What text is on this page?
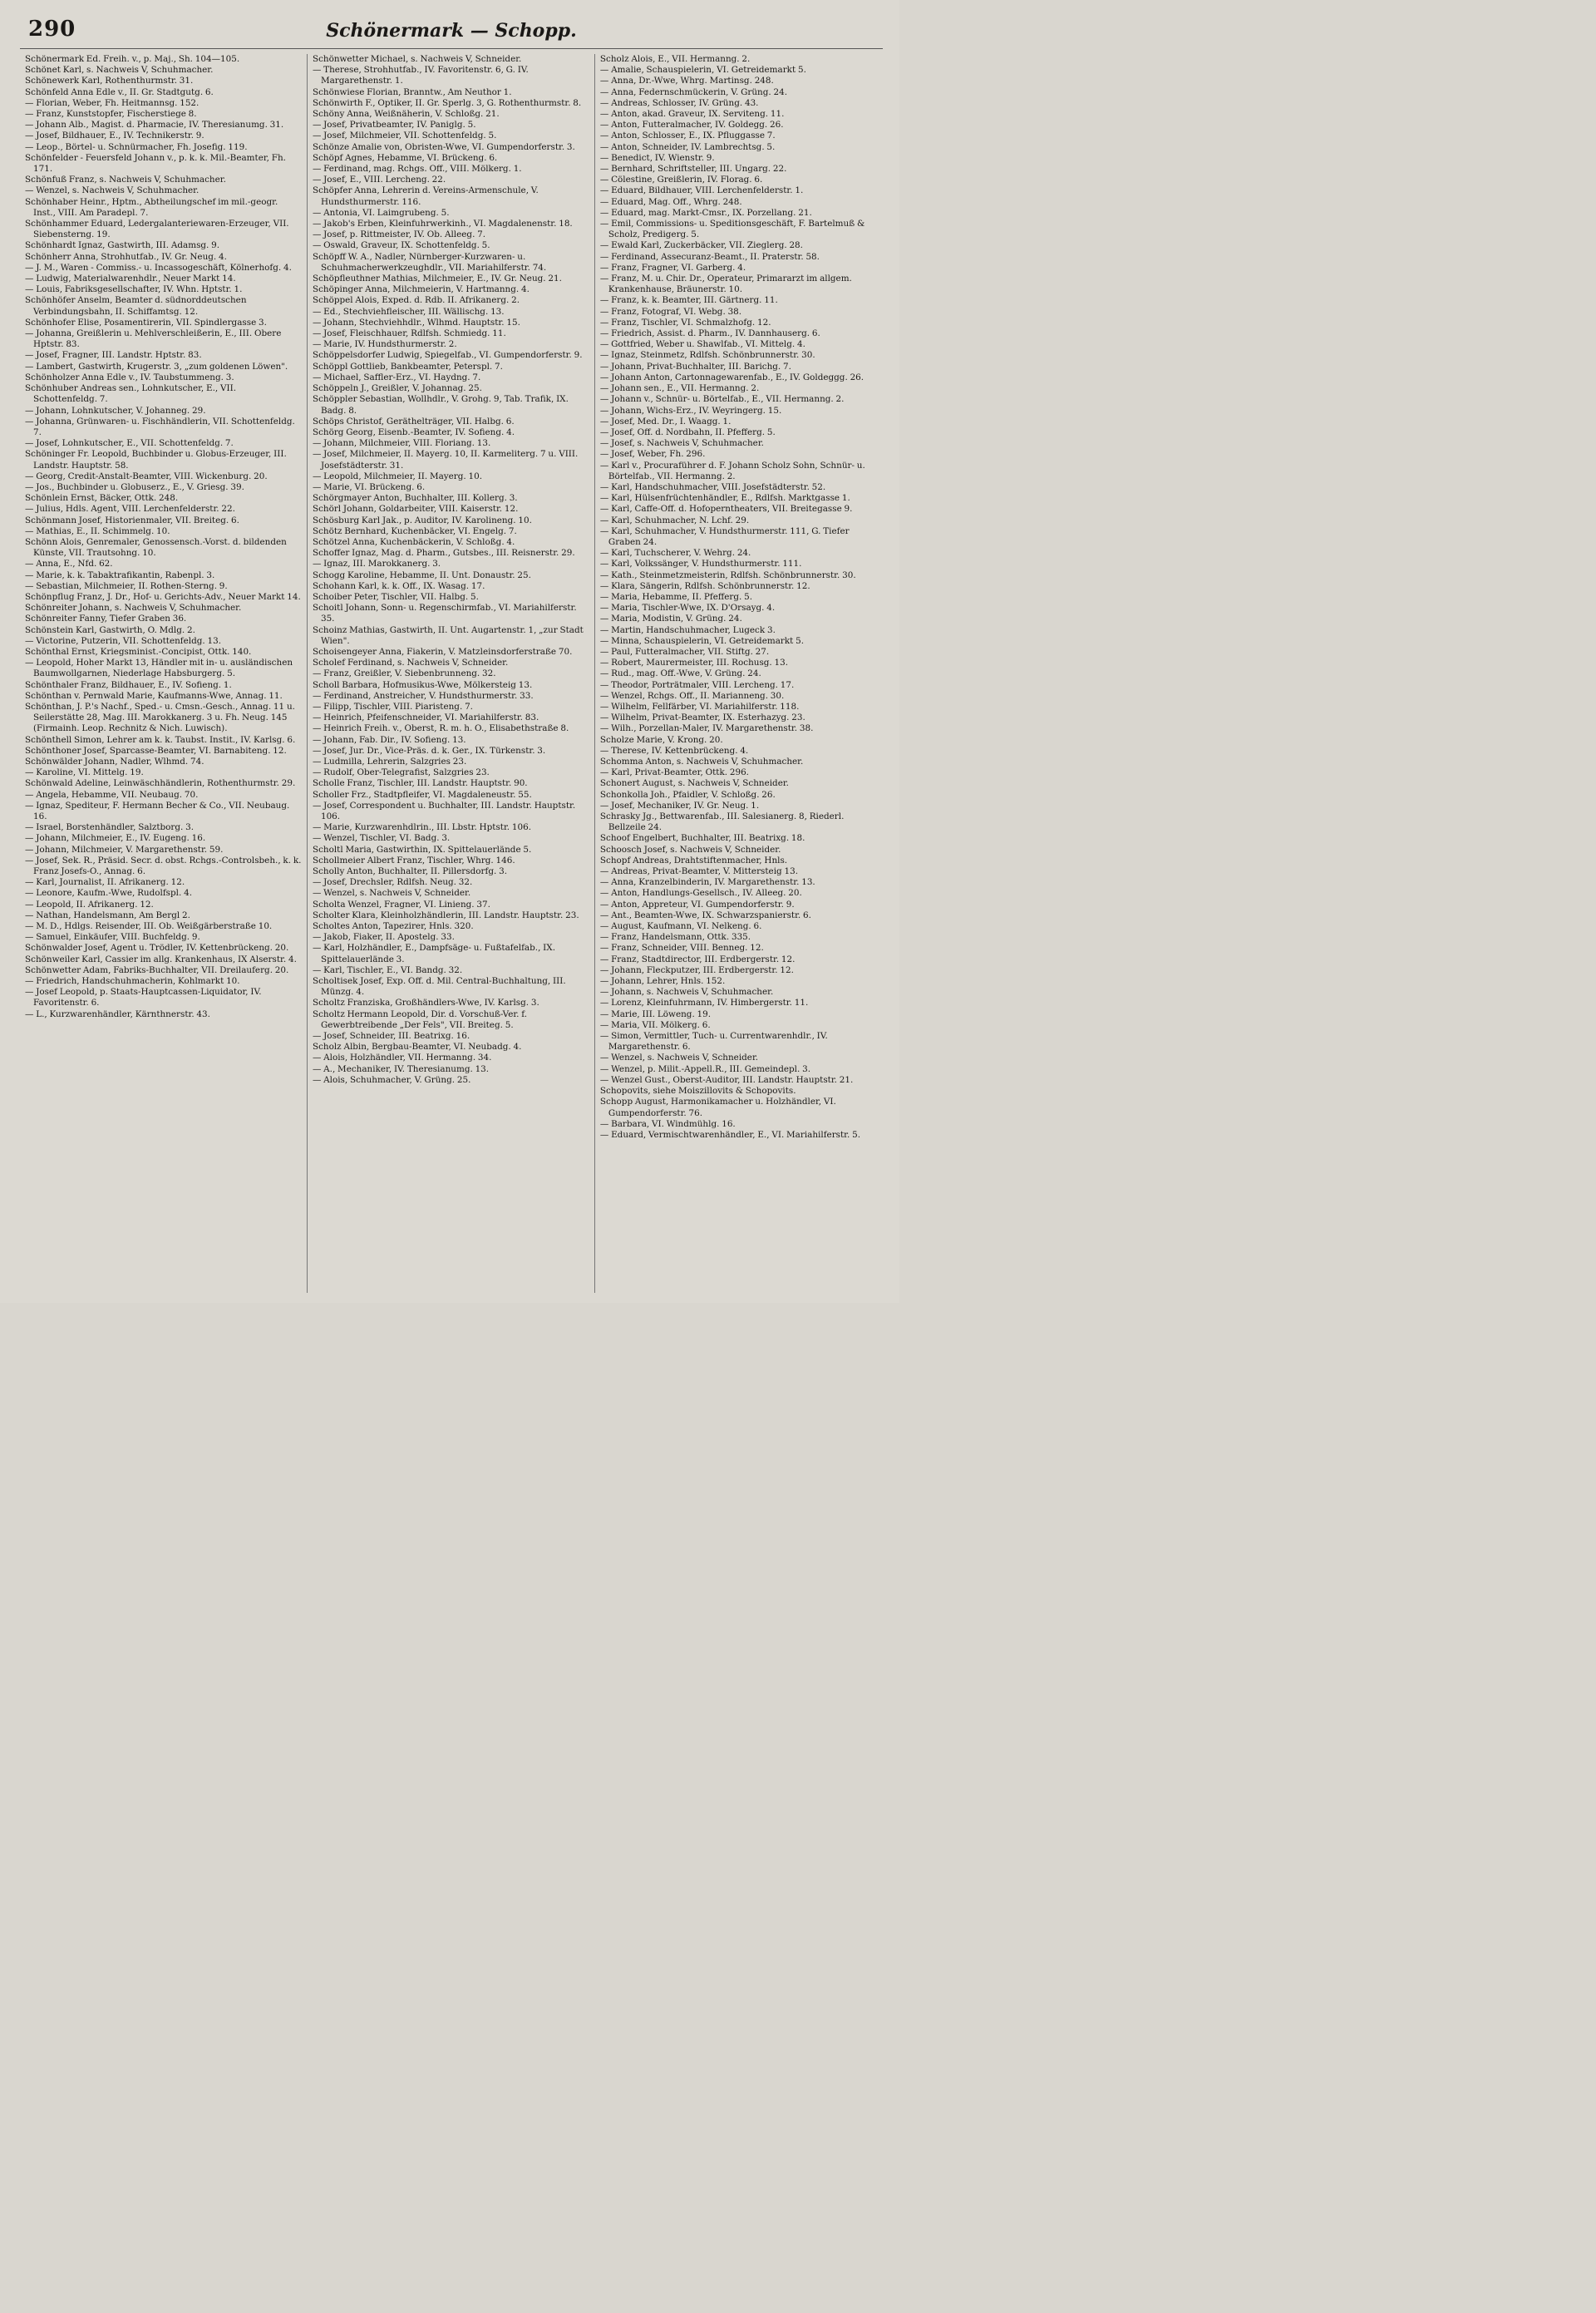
290	Schönermark — Schopp.
Schönermark Ed. Freih. v., p. Maj., Sh. 104—105.
Schönet Karl, s. Nachweis V, Schuhmacher.
Schönewerk Karl, Rothenthurmstr. 31.
Schönfeld Anna Edle v., II. Gr. Stadtgutg. 6.
— Florian, Weber, Fh. Heitmannsg. 152.
— Franz, Kunststopfer, Fischerstiege 8.
— Johann Alb., Magist. d. Pharmacie, IV. Theresianumg. 31.
— Josef, Bildhauer, E., IV. Technikerstr. 9.
— Leop., Börtel- u. Schnürmacher, Fh. Josefig. 119.
Schönfelder - Feuersfeld Johann v., p. k. k. Mil.-Beamter, Fh. 171.
Schönfuß Franz, s. Nachweis V, Schuhmacher.
— Wenzel, s. Nachweis V, Schuhmacher.
Schönhaber Heinr., Hptm., Abtheilungschef im mil.-geogr. Inst., VIII. Am Paradepl. 7.
Schönhammer Eduard, Ledergalanteriewaren-Erzeuger, VII. Siebensterng. 19.
Schönhardt Ignaz, Gastwirth, III. Adamsg. 9.
Schönherr Anna, Strohhutfab., IV. Gr. Neug. 4.
— J. M., Waren - Commiss.- u. Incassogeschäft, Kölnerhofg. 4.
— Ludwig, Materialwarenhdlr., Neuer Markt 14.
— Louis, Fabriksgesellschafter, IV. Whn. Hptstr. 1.
Schönhöfer Anselm, Beamter d. südnorddeutschen Verbindungsbahn, II. Schiffamtsg. 12.
Schönhofer Elise, Posamentirerin, VII. Spindlergasse 3.
— Johanna, Greißlerin u. Mehlverschleißerin, E., III. Obere Hptstr. 83.
— Josef, Fragner, III. Landstr. Hptstr. 83.
— Lambert, Gastwirth, Krugerstr. 3, „zum goldenen Löwen".
Schönholzer Anna Edle v., IV. Taubstummeng. 3.
Schönhuber Andreas sen., Lohnkutscher, E., VII. Schottenfeldg. 7.
— Johann, Lohnkutscher, V. Johanneg. 29.
— Johanna, Grünwaren- u. Fischhändlerin, VII. Schottenfeldg. 7.
— Josef, Lohnkutscher, E., VII. Schottenfeldg. 7.
Schöninger Fr. Leopold, Buchbinder u. Globus-Erzeuger, III. Landstr. Hauptstr. 58.
— Georg, Credit-Anstalt-Beamter, VIII. Wickenburg. 20.
— Jos., Buchbinder u. Globuserz., E., V. Griesg. 39.
Schönlein Ernst, Bäcker, Ottk. 248.
— Julius, Hdls. Agent, VIII. Lerchenfelderstr. 22.
Schönmann Josef, Historienmaler, VII. Breiteg. 6.
— Mathias, E., II. Schimmelg. 10.
Schönn Alois, Genremaler, Genossensch.-Vorst. d. bildenden Künste, VII. Trautsohng. 10.
— Anna, E., Nfd. 62.
— Marie, k. k. Tabaktrafikantin, Rabenpl. 3.
— Sebastian, Milchmeier, II. Rothen-Sterng. 9.
Schönpflug Franz, J. Dr., Hof- u. Gerichts-Adv., Neuer Markt 14.
Schönreiter Johann, s. Nachweis V, Schuhmacher.
Schönreiter Fanny, Tiefer Graben 36.
Schönstein Karl, Gastwirth, O. Mdlg. 2.
— Victorine, Putzerin, VII. Schottenfeldg. 13.
Schönthal Ernst, Kriegsminist.-Concipist, Ottk. 140.
— Leopold, Hoher Markt 13, Händler mit in- u. ausländischen Baumwollgarnen, Niederlage Habsburgerg. 5.
Schönthaler Franz, Bildhauer, E., IV. Sofieng. 1.
Schönthan v. Pernwald Marie, Kaufmanns-Wwe, Annag. 11.
Schönthan, J. P.'s Nachf., Sped.- u. Cmsn.-Gesch., Annag. 11 u. Seilerstätte 28, Mag. III. Marokkanerg. 3 u. Fh. Neug. 145 (Firmainh. Leop. Rechnitz & Nich. Luwisch).
Schönthell Simon, Lehrer am k. k. Taubst. Instit., IV. Karlsg. 6.
Schönthoner Josef, Sparcasse-Beamter, VI. Barnabiteng. 12.
Schönwälder Johann, Nadler, Wlhmd. 74.
— Karoline, VI. Mittelg. 19.
Schönwald Adeline, Leinwäschhändlerin, Rothenthurmstr. 29.
— Angela, Hebamme, VII. Neubaug. 70.
— Ignaz, Spediteur, F. Hermann Becher & Co., VII. Neubaug. 16.
— Israel, Borstenhändler, Salztborg. 3.
— Johann, Milchmeier, E., IV. Eugeng. 16.
— Johann, Milchmeier, V. Margarethenstr. 59.
— Josef, Sek. R., Präsid. Secr. d. obst. Rchgs.-Controlsbeh., k. k. Franz Josefs-O., Annag. 6.
— Karl, Journalist, II. Afrikanerg. 12.
— Leonore, Kaufm.-Wwe, Rudolfspl. 4.
— Leopold, II. Afrikanerg. 12.
— Nathan, Handelsmann, Am Bergl 2.
— M. D., Hdlgs. Reisender, III. Ob. Weißgärberstraße 10.
— Samuel, Einkäufer, VIII. Buchfeldg. 9.
Schönwalder Josef, Agent u. Trödler, IV. Kettenbrückeng. 20.
Schönweiler Karl, Cassier im allg. Krankenhaus, IX Alserstr. 4.
Schönwetter Adam, Fabriks-Buchhalter, VII. Dreilauferg. 20.
— Friedrich, Handschuhmacherin, Kohlmarkt 10.
— Josef Leopold, p. Staats-Hauptcassen-Liquidator, IV. Favoritenstr. 6.
— L., Kurzwarenhändler, Kärnthnerstr. 43.
Schönwetter Michael, s. Nachweis V, Schneider.
— Therese, Strohhutfab., IV. Favoritenstr. 6, G. IV. Margarethenstr. 1.
Schönwiese Florian, Branntw., Am Neuthor 1.
Schönwirth F., Optiker, II. Gr. Sperlg. 3, G. Rothenthurmstr. 8.
Schöny Anna, Weißnäherin, V. Schloßg. 21.
— Josef, Privatbeamter, IV. Paniglg. 5.
— Josef, Milchmeier, VII. Schottenfeldg. 5.
Schönze Amalie von, Obristen-Wwe, VI. Gumpendorferstr. 3.
Schöpf Agnes, Hebamme, VI. Brückeng. 6.
— Ferdinand, mag. Rchgs. Off., VIII. Mölkerg. 1.
— Josef, E., VIII. Lercheng. 22.
Schöpfer Anna, Lehrerin d. Vereins-Armenschule, V. Hundsthurmerstr. 116.
— Antonia, VI. Laimgrubeng. 5.
— Jakob's Erben, Kleinfuhrwerkinh., VI. Magdalenenstr. 18.
— Josef, p. Rittmeister, IV. Ob. Alleeg. 7.
— Oswald, Graveur, IX. Schottenfeldg. 5.
Schöpff W. A., Nadler, Nürnberger-Kurzwaren- u. Schuhmacherwerkzeughdlr., VII. Mariahilferstr. 74.
Schöpfleuthner Mathias, Milchmeier, E., IV. Gr. Neug. 21.
Schöpinger Anna, Milchmeierin, V. Hartmanng. 4.
Schöppel Alois, Exped. d. Rdb. II. Afrikanerg. 2.
— Ed., Stechviehfleischer, III. Wällischg. 13.
— Johann, Stechviehhdlr., Wlhmd. Hauptstr. 15.
— Josef, Fleischhauer, Rdlfsh. Schmiedg. 11.
— Marie, IV. Hundsthurmerstr. 2.
Schöppelsdorfer Ludwig, Spiegelfab., VI. Gumpendorferstr. 9.
Schöppl Gottlieb, Bankbeamter, Peterspl. 7.
— Michael, Saffler-Erz., VI. Haydng. 7.
Schöppeln J., Greißler, V. Johannag. 25.
Schöppler Sebastian, Wollhdlr., V. Grohg. 9, Tab. Trafik, IX. Badg. 8.
Schöps Christof, Geräthelträger, VII. Halbg. 6.
Schörg Georg, Eisenb.-Beamter, IV. Sofieng. 4.
— Johann, Milchmeier, VIII. Floriang. 13.
— Josef, Milchmeier, II. Mayerg. 10, II. Karmeliterg. 7 u. VIII. Josefstädterstr. 31.
— Leopold, Milchmeier, II. Mayerg. 10.
— Marie, VI. Brückeng. 6.
Schörgmayer Anton, Buchhalter, III. Kollerg. 3.
Schörl Johann, Goldarbeiter, VIII. Kaiserstr. 12.
Schösburg Karl Jak., p. Auditor, IV. Karolineng. 10.
Schötz Bernhard, Kuchenbäcker, VI. Engelg. 7.
Schötzel Anna, Kuchenbäckerin, V. Schloßg. 4.
Schoffer Ignaz, Mag. d. Pharm., Gutsbes., III. Reisnerstr. 29.
— Ignaz, III. Marokkanerg. 3.
Schogg Karoline, Hebamme, II. Unt. Donaustr. 25.
Schohann Karl, k. k. Off., IX. Wasag. 17.
Schoiber Peter, Tischler, VII. Halbg. 5.
Schoitl Johann, Sonn- u. Regenschirmfab., VI. Mariahilferstr. 35.
Schoinz Mathias, Gastwirth, II. Unt. Augartenstr. 1, „zur Stadt Wien".
Schoisengeyer Anna, Fiakerin, V. Matzleinsdorferstraße 70.
Scholef Ferdinand, s. Nachweis V, Schneider.
— Franz, Greißler, V. Siebenbrunneng. 32.
Scholl Barbara, Hofmusikus-Wwe, Mölkersteig 13.
— Ferdinand, Anstreicher, V. Hundsthurmerstr. 33.
— Filipp, Tischler, VIII. Piaristeng. 7.
— Heinrich, Pfeifenschneider, VI. Mariahilferstr. 83.
— Heinrich Freih. v., Oberst, R. m. h. O., Elisabethstraße 8.
— Johann, Fab. Dir., IV. Sofieng. 13.
— Josef, Jur. Dr., Vice-Präs. d. k. Ger., IX. Türkenstr. 3.
— Ludmilla, Lehrerin, Salzgries 23.
— Rudolf, Ober-Telegrafist, Salzgries 23.
Scholle Franz, Tischler, III. Landstr. Hauptstr. 90.
Scholler Frz., Stadtpfleifer, VI. Magdaleneustr. 55.
— Josef, Correspondent u. Buchhalter, III. Landstr. Hauptstr. 106.
— Marie, Kurzwarenhdlrin., III. Lbstr. Hptstr. 106.
— Wenzel, Tischler, VI. Badg. 3.
Scholtl Maria, Gastwirthin, IX. Spittelauerlände 5.
Schollmeier Albert Franz, Tischler, Whrg. 146.
Scholly Anton, Buchhalter, II. Pillersdorfg. 3.
— Josef, Drechsler, Rdlfsh. Neug. 32.
— Wenzel, s. Nachweis V, Schneider.
Scholta Wenzel, Fragner, VI. Linieng. 37.
Scholter Klara, Kleinholzhändlerin, III. Landstr. Hauptstr. 23.
Scholtes Anton, Tapezirer, Hnls. 320.
— Jakob, Fiaker, II. Apostelg. 33.
— Karl, Holzhändler, E., Dampfsäge- u. Fußtafelfab., IX. Spittelauerlände 3.
— Karl, Tischler, E., VI. Bandg. 32.
Scholtisek Josef, Exp. Off. d. Mil. Central-Buchhaltung, III. Münzg. 4.
Scholtz Franziska, Großhändlers-Wwe, IV. Karlsg. 3.
Scholtz Hermann Leopold, Dir. d. Vorschuß-Ver. f. Gewerbtreibende „Der Fels", VII. Breiteg. 5.
— Josef, Schneider, III. Beatrixg. 16.
Scholz Albin, Bergbau-Beamter, VI. Neubadg. 4.
— Alois, Holzhändler, VII. Hermanng. 34.
— A., Mechaniker, IV. Theresianumg. 13.
— Alois, Schuhmacher, V. Grüng. 25.
Scholz Alois, E., VII. Hermanng. 2.
— Amalie, Schauspielerin, VI. Getreidemarkt 5.
— Anna, Dr.-Wwe, Whrg. Martinsg. 248.
— Anna, Federnschmückerin, V. Grüng. 24.
— Andreas, Schlosser, IV. Grüng. 43.
— Anton, akad. Graveur, IX. Serviteng. 11.
— Anton, Futteralmacher, IV. Goldegg. 26.
— Anton, Schlosser, E., IX. Pfluggasse 7.
— Anton, Schneider, IV. Lambrechtsg. 5.
— Benedict, IV. Wienstr. 9.
— Bernhard, Schriftsteller, III. Ungarg. 22.
— Cölestine, Greißlerin, IV. Florag. 6.
— Eduard, Bildhauer, VIII. Lerchenfelderstr. 1.
— Eduard, Mag. Off., Whrg. 248.
— Eduard, mag. Markt-Cmsr., IX. Porzellang. 21.
— Emil, Commissions- u. Speditionsgeschäft, F. Bartelmuß & Scholz, Predigerg. 5.
— Ewald Karl, Zuckerbäcker, VII. Zieglerg. 28.
— Ferdinand, Assecuranz-Beamt., II. Praterstr. 58.
— Franz, Fragner, VI. Garberg. 4.
— Franz, M. u. Chir. Dr., Operateur, Primararzt im allgem. Krankenhause, Bräunerstr. 10.
— Franz, k. k. Beamter, III. Gärtnerg. 11.
— Franz, Fotograf, VI. Webg. 38.
— Franz, Tischler, VI. Schmalzhofg. 12.
— Friedrich, Assist. d. Pharm., IV. Dannhauserg. 6.
— Gottfried, Weber u. Shawlfab., VI. Mittelg. 4.
— Ignaz, Steinmetz, Rdlfsh. Schönbrunnerstr. 30.
— Johann, Privat-Buchhalter, III. Barichg. 7.
— Johann Anton, Cartonnagewarenfab., E., IV. Goldeggg. 26.
— Johann sen., E., VII. Hermanng. 2.
— Johann v., Schnür- u. Börtelfab., E., VII. Hermanng. 2.
— Johann, Wichs-Erz., IV. Weyringerg. 15.
— Josef, Med. Dr., I. Waagg. 1.
— Josef, Off. d. Nordbahn, II. Pfefferg. 5.
— Josef, s. Nachweis V, Schuhmacher.
— Josef, Weber, Fh. 296.
— Karl v., Procuraführer d. F. Johann Scholz Sohn, Schnür- u. Börtelfab., VII. Hermanng. 2.
— Karl, Handschuhmacher, VIII. Josefstädterstr. 52.
— Karl, Hülsenfrüchtenhändler, E., Rdlfsh. Marktgasse 1.
— Karl, Caffe-Off. d. Hofoperntheaters, VII. Breitegasse 9.
— Karl, Schuhmacher, N. Lchf. 29.
— Karl, Schuhmacher, V. Hundsthurmerstr. 111, G. Tiefer Graben 24.
— Karl, Tuchscherer, V. Wehrg. 24.
— Karl, Volkssänger, V. Hundsthurmerstr. 111.
— Kath., Steinmetzmeisterin, Rdlfsh. Schönbrunnerstr. 30.
— Klara, Sängerin, Rdlfsh. Schönbrunnerstr. 12.
— Maria, Hebamme, II. Pfefferg. 5.
— Maria, Tischler-Wwe, IX. D'Orsayg. 4.
— Maria, Modistin, V. Grüng. 24.
— Martin, Handschuhmacher, Lugeck 3.
— Minna, Schauspielerin, VI. Getreidemarkt 5.
— Paul, Futteralmacher, VII. Stiftg. 27.
— Robert, Maurermeister, III. Rochusg. 13.
— Rud., mag. Off.-Wwe, V. Grüng. 24.
— Theodor, Porträtmaler, VIII. Lercheng. 17.
— Wenzel, Rchgs. Off., II. Marianneng. 30.
— Wilhelm, Fellfärber, VI. Mariahilferstr. 118.
— Wilhelm, Privat-Beamter, IX. Esterhazyg. 23.
— Wilh., Porzellan-Maler, IV. Margarethenstr. 38.
Scholze Marie, V. Krong. 20.
— Therese, IV. Kettenbrückeng. 4.
Schomma Anton, s. Nachweis V, Schuhmacher.
— Karl, Privat-Beamter, Ottk. 296.
Schonert August, s. Nachweis V, Schneider.
Schonkolla Joh., Pfaidler, V. Schloßg. 26.
— Josef, Mechaniker, IV. Gr. Neug. 1.
Schrasky Jg., Bettwarenfab., III. Salesianerg. 8, Riederl. Bellzeile 24.
Schoof Engelbert, Buchhalter, III. Beatrixg. 18.
Schoosch Josef, s. Nachweis V, Schneider.
Schopf Andreas, Drahtstiftenmacher, Hnls.
— Andreas, Privat-Beamter, V. Mittersteig 13.
— Anna, Kranzelbinderin, IV. Margarethenstr. 13.
— Anton, Handlungs-Gesellsch., IV. Alleeg. 20.
— Anton, Appreteur, VI. Gumpendorferstr. 9.
— Ant., Beamten-Wwe, IX. Schwarzspanierstr. 6.
— August, Kaufmann, VI. Nelkeng. 6.
— Franz, Handelsmann, Ottk. 335.
— Franz, Schneider, VIII. Benneg. 12.
— Franz, Stadtdirector, III. Erdbergerstr. 12.
— Johann, Fleckputzer, III. Erdbergerstr. 12.
— Johann, Lehrer, Hnls. 152.
— Johann, s. Nachweis V, Schuhmacher.
— Lorenz, Kleinfuhrmann, IV. Himbergerstr. 11.
— Marie, III. Löweng. 19.
— Maria, VII. Mölkerg. 6.
— Simon, Vermittler, Tuch- u. Currentwarenhdlr., IV. Margarethenstr. 6.
— Wenzel, s. Nachweis V, Schneider.
— Wenzel, p. Milit.-Appell.R., III. Gemeindepl. 3.
— Wenzel Gust., Oberst-Auditor, III. Landstr. Hauptstr. 21.
Schopovits, siehe Moiszillovits & Schopovits.
Schopp August, Harmonikamacher u. Holzhändler, VI. Gumpendorferstr. 76.
— Barbara, VI. Windmühlg. 16.
— Eduard, Vermischtwarenhändler, E., VI. Mariahilferstr. 5.
